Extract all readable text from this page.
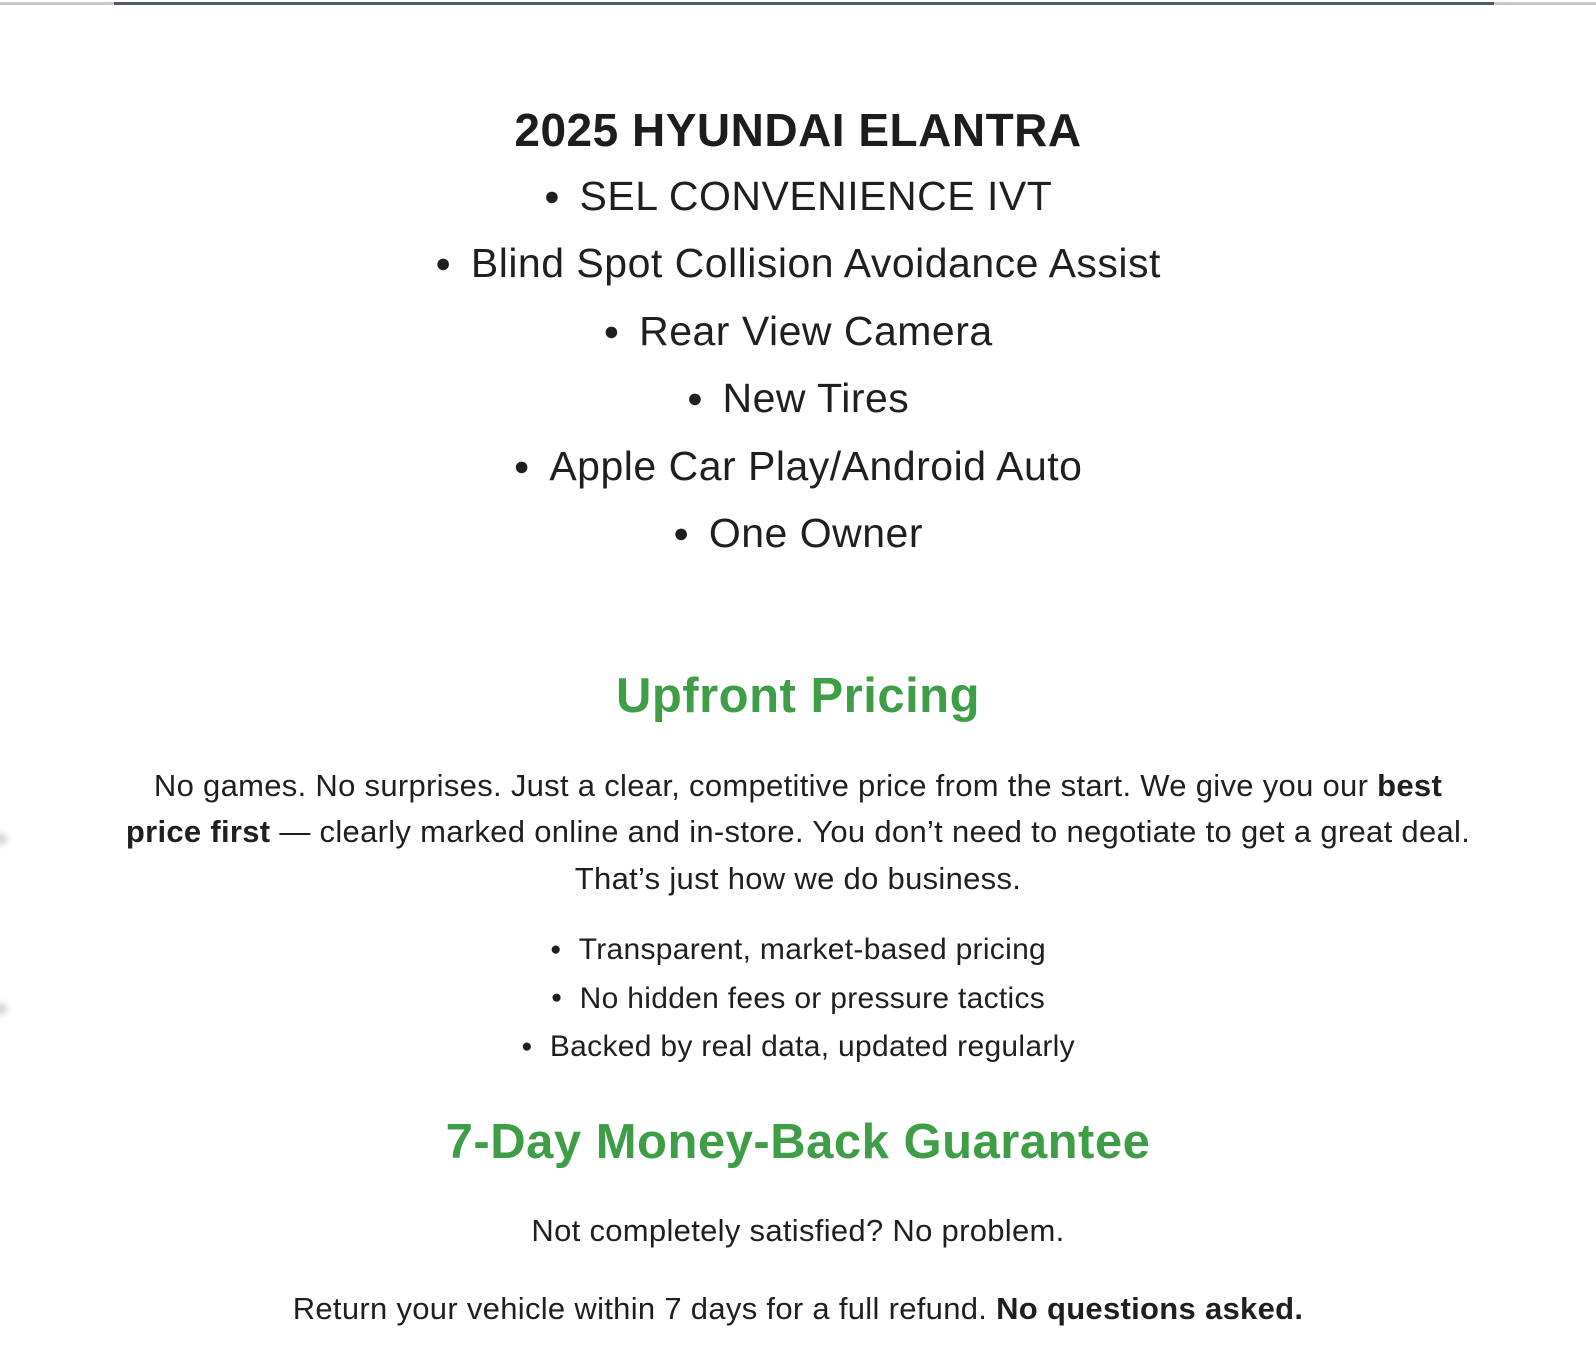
2025 HYUNDAI ELANTRA
● SEL CONVENIENCE IVT
● Blind Spot Collision Avoidance Assist
● Rear View Camera
● New Tires
● Apple Car Play/Android Auto
● One Owner
Upfront Pricing

No games. No surprises. Just a clear, competitive price from the start. We give you our best price first — clearly marked online and in-store. You don’t need to negotiate to get a great deal. That’s just how we do business.

● Transparent, market-based pricing
● No hidden fees or pressure tactics
● Backed by real data, updated regularly
7-Day Money-Back Guarantee

Not completely satisfied? No problem.

Return your vehicle within 7 days for a full refund. No questions asked.
